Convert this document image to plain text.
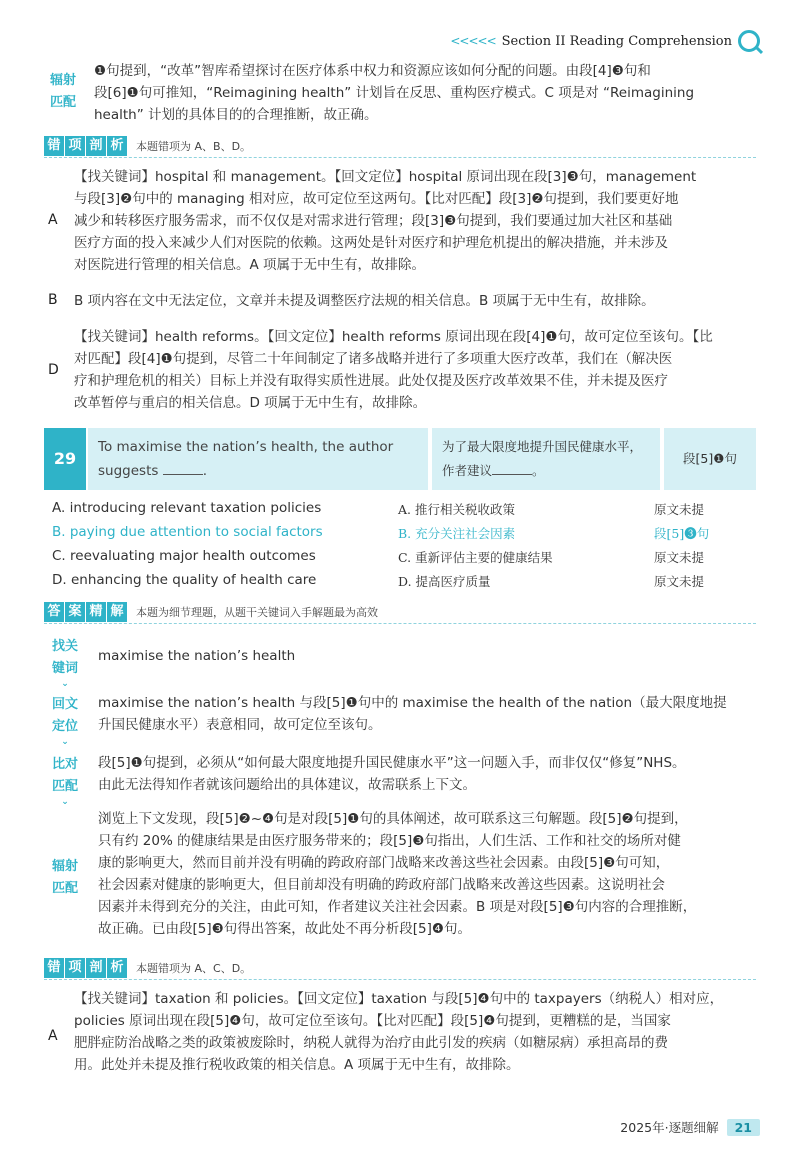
<<<<< Section II Reading Comprehension
辐射
匹配
❶句提到，“改革”智库希望探讨在医疗体系中权力和资源应该如何分配的问题。由段[4]❸句和
段[6]❶句可推知，“Reimagining health” 计划旨在反思、重构医疗模式。C 项是对 “Reimagining
health” 计划的具体目的的合理推断，故正确。
错 项 剖 析	本题错项为 A、B、D。
A
【找关键词】hospital 和 management。【回文定位】hospital 原词出现在段[3]❸句，management
与段[3]❷句中的 managing 相对应，故可定位至这两句。【比对匹配】段[3]❷句提到，我们要更好地
减少和转移医疗服务需求，而不仅仅是对需求进行管理；段[3]❸句提到，我们要通过加大社区和基础
医疗方面的投入来减少人们对医院的依赖。这两处是针对医疗和护理危机提出的解决措施，并未涉及
对医院进行管理的相关信息。A 项属于无中生有，故排除。
B B 项内容在文中无法定位，文章并未提及调整医疗法规的相关信息。B 项属于无中生有，故排除。
D
【找关键词】health reforms。【回文定位】health reforms 原词出现在段[4]❶句，故可定位至该句。【比
对匹配】段[4]❶句提到，尽管二十年间制定了诸多战略并进行了多项重大医疗改革，我们在（解决医
疗和护理危机的相关）目标上并没有取得实质性进展。此处仅提及医疗改革效果不佳，并未提及医疗
改革暂停与重启的相关信息。D 项属于无中生有，故排除。
29
To maximise the nation’s health, the author
suggests	.
为了最大限度地提升国民健康水平，
作者建议	。
段[5]❶句
A. introducing relevant taxation policies	A. 推行相关税收政策	原文未提
B. paying due attention to social factors	B. 充分关注社会因素	段[5]❸句
C. reevaluating major health outcomes	C. 重新评估主要的健康结果	原文未提
D. enhancing the quality of health care	D. 提高医疗质量	原文未提
答 案 精 解	本题为细节理题，从题干关键词入手解题最为高效
找关
键词
⌄
maximise the nation’s health
回文
定位
⌄
maximise the nation’s health 与段[5]❶句中的 maximise the health of the nation（最大限度地提
升国民健康水平）表意相同，故可定位至该句。
比对
匹配
⌄
段[5]❶句提到，必须从“如何最大限度地提升国民健康水平”这一问题入手，而非仅仅“修复”NHS。
由此无法得知作者就该问题给出的具体建议，故需联系上下文。
辐射
匹配
浏览上下文发现，段[5]❷~❹句是对段[5]❶句的具体阐述，故可联系这三句解题。段[5]❷句提到，
只有约 20% 的健康结果是由医疗服务带来的；段[5]❸句指出，人们生活、工作和社交的场所对健
康的影响更大，然而目前并没有明确的跨政府部门战略来改善这些社会因素。由段[5]❸句可知，
社会因素对健康的影响更大，但目前却没有明确的跨政府部门战略来改善这些因素。这说明社会
因素并未得到充分的关注，由此可知，作者建议关注社会因素。B 项是对段[5]❸句内容的合理推断，
故正确。已由段[5]❸句得出答案，故此处不再分析段[5]❹句。
错 项 剖 析	本题错项为 A、C、D。
A
【找关键词】taxation 和 policies。【回文定位】taxation 与段[5]❹句中的 taxpayers（纳税人）相对应，
policies 原词出现在段[5]❹句，故可定位至该句。【比对匹配】段[5]❹句提到，更糟糕的是，当国家
肥胖症防治战略之类的政策被废除时，纳税人就得为治疗由此引发的疾病（如糖尿病）承担高昂的费
用。此处并未提及推行税收政策的相关信息。A 项属于无中生有，故排除。
2025年·逐题细解	21
